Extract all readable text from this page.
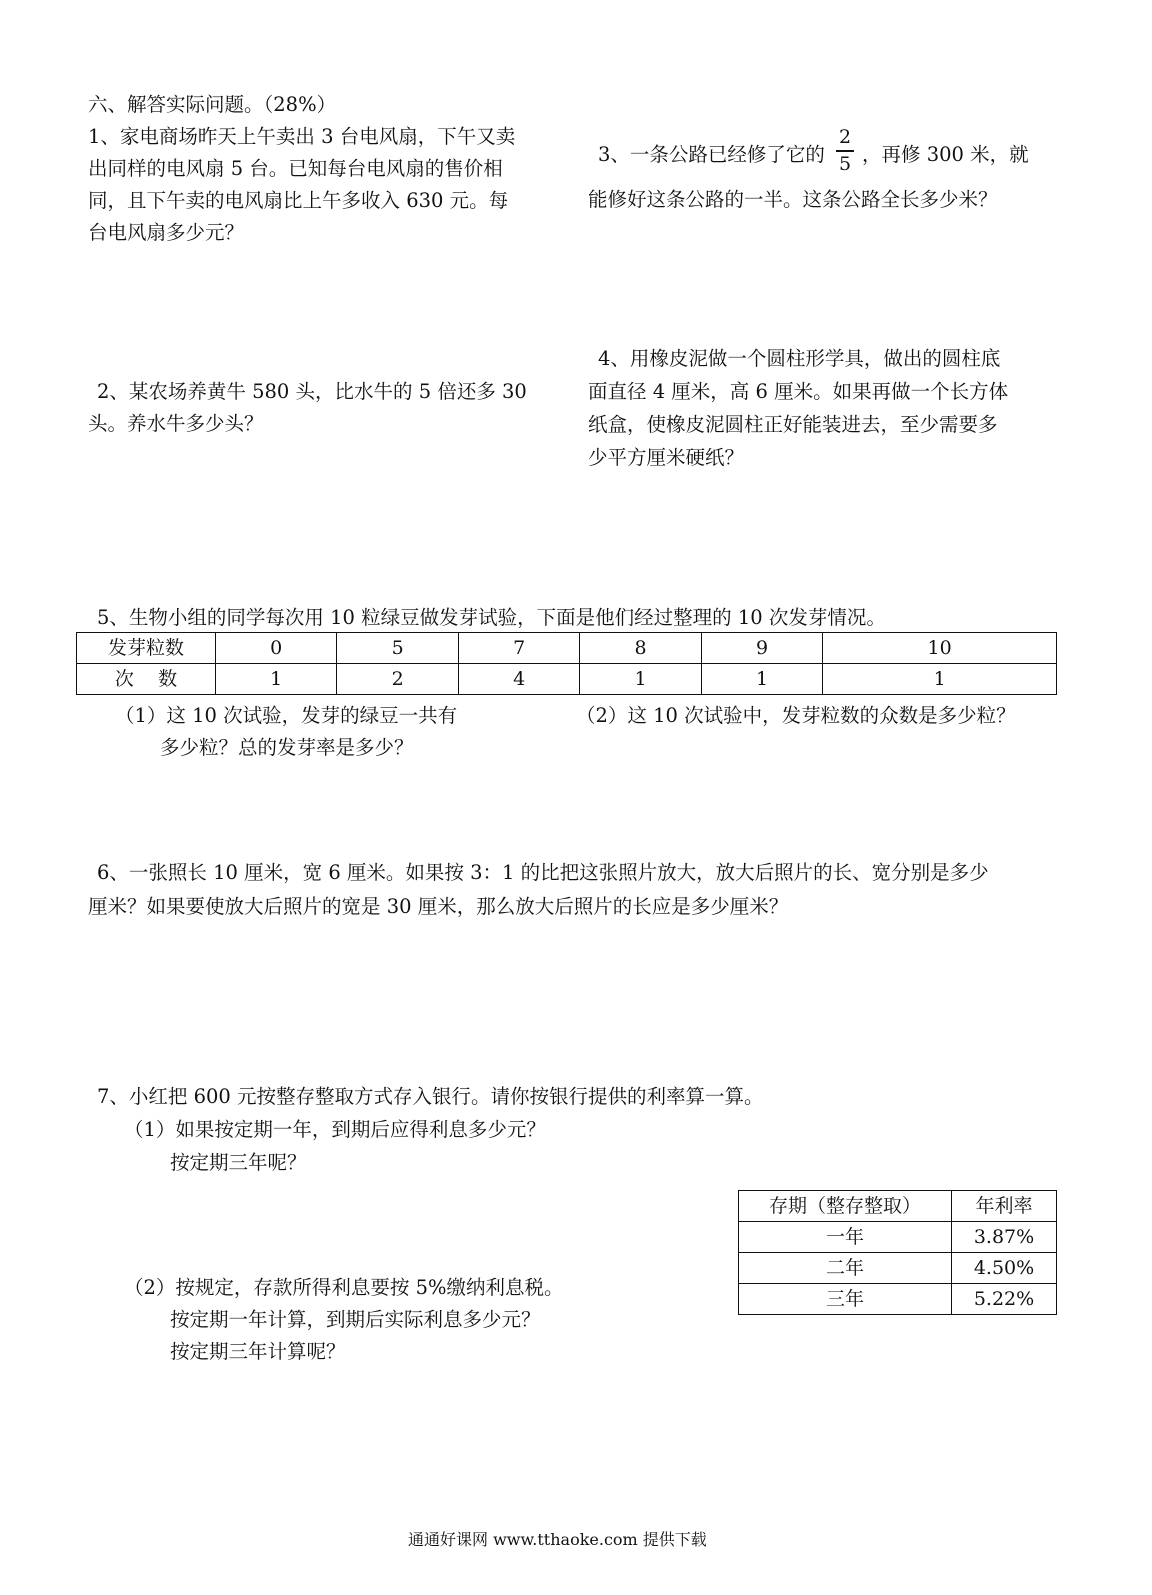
六、解答实际问题。（28%）
1、家电商场昨天上午卖出 3 台电风扇，下午又卖
出同样的电风扇 5 台。已知每台电风扇的售价相
同，且下午卖的电风扇比上午多收入 630 元。每
台电风扇多少元？
3、一条公路已经修了它的
2
5 ，再修 300 米，就
能修好这条公路的一半。这条公路全长多少米？
2、某农场养黄牛 580 头，比水牛的 5 倍还多 30
头。养水牛多少头？
4、用橡皮泥做一个圆柱形学具，做出的圆柱底
面直径 4 厘米，高 6 厘米。如果再做一个长方体
纸盒，使橡皮泥圆柱正好能装进去，至少需要多
少平方厘米硬纸？
5、生物小组的同学每次用 10 粒绿豆做发芽试验，下面是他们经过整理的 10 次发芽情况。
发芽粒数	0	5	7	8	9	10
次    数	1	2	4	1	1	1
（1）这 10 次试验，发芽的绿豆一共有
多少粒？总的发芽率是多少？
（2）这 10 次试验中，发芽粒数的众数是多少粒？
6、一张照长 10 厘米，宽 6 厘米。如果按 3：1 的比把这张照片放大，放大后照片的长、宽分别是多少
厘米？如果要使放大后照片的宽是 30 厘米，那么放大后照片的长应是多少厘米？
7、小红把 600 元按整存整取方式存入银行。请你按银行提供的利率算一算。
（1）如果按定期一年，到期后应得利息多少元？
按定期三年呢？
存期（整存整取）	年利率
一年	3.87%
二年	4.50%
三年	5.22%
（2）按规定，存款所得利息要按 5%缴纳利息税。
按定期一年计算，到期后实际利息多少元？
按定期三年计算呢？
通通好课网 www.tthaoke.com 提供下载
